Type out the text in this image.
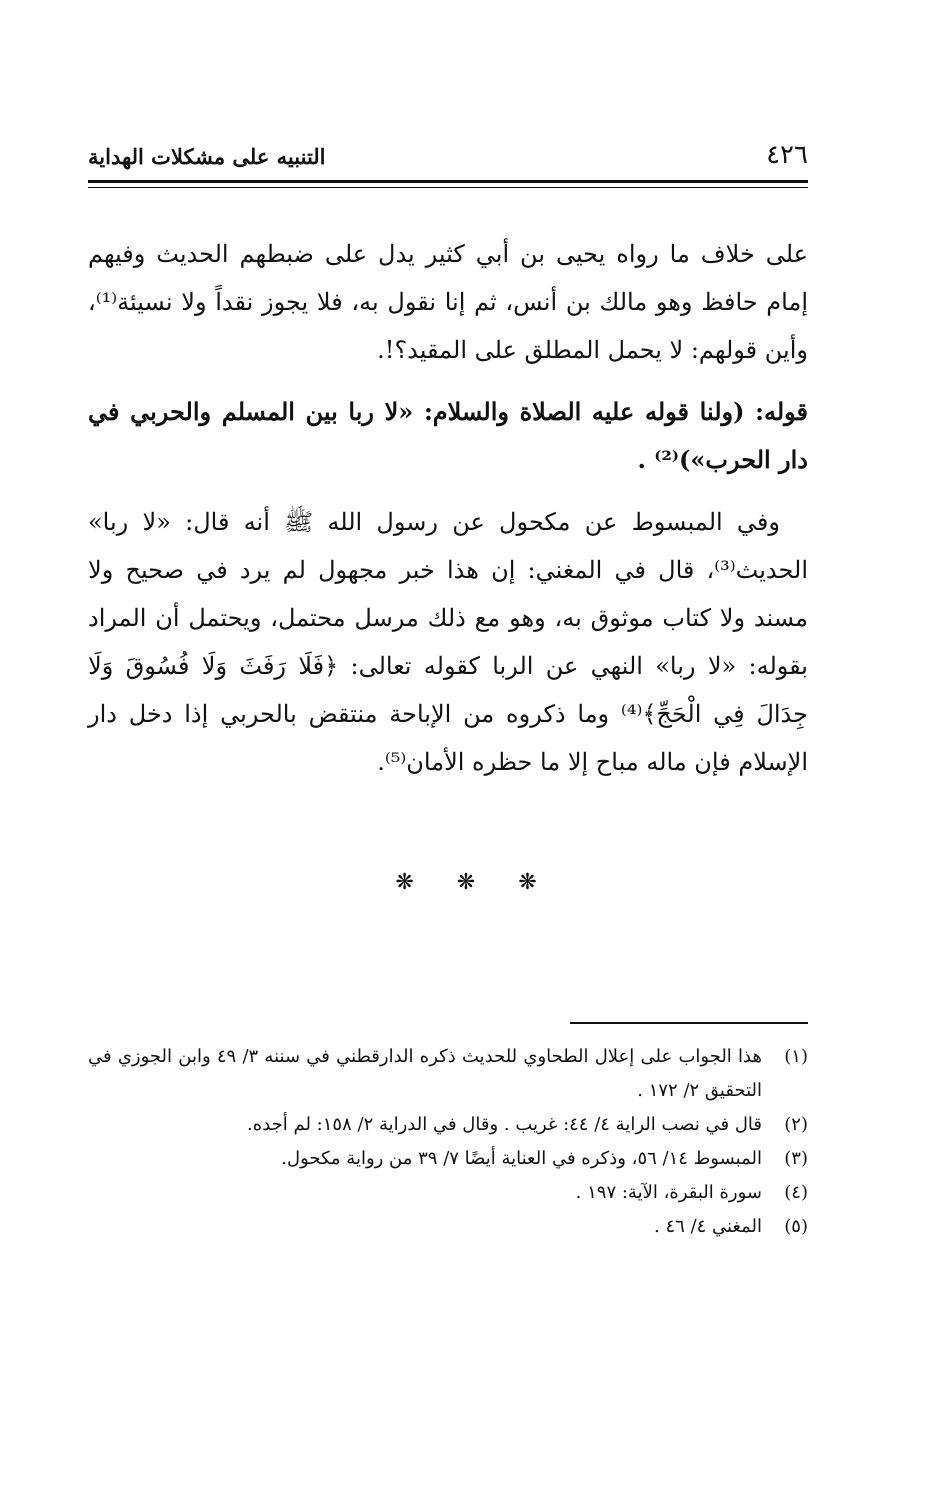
٤٢٦
التنبيه على مشكلات الهداية

على خلاف ما رواه يحيى بن أبي كثير يدل على ضبطهم الحديث وفيهم إمام حافظ وهو مالك بن أنس، ثم إنا نقول به، فلا يجوز نقداً ولا نسيئة⁽¹⁾، وأين قولهم: لا يحمل المطلق على المقيد؟!.

قوله: (ولنا قوله عليه الصلاة والسلام: «لا ربا بين المسلم والحربي في دار الحرب»)⁽²⁾ .

وفي المبسوط عن مكحول عن رسول الله ﷺ أنه قال: «لا ربا» الحديث⁽³⁾، قال في المغني: إن هذا خبر مجهول لم يرد في صحيح ولا مسند ولا كتاب موثوق به، وهو مع ذلك مرسل محتمل، ويحتمل أن المراد بقوله: «لا ربا» النهي عن الربا كقوله تعالى: ﴿فَلَا رَفَثَ وَلَا فُسُوقَ وَلَا جِدَالَ فِي الْحَجِّ﴾⁽⁴⁾ وما ذكروه من الإباحة منتقض بالحربي إذا دخل دار الإسلام فإن ماله مباح إلا ما حظره الأمان⁽⁵⁾.

❋ ❋ ❋

(١)
هذا الجواب على إعلال الطحاوي للحديث ذكره الدارقطني في سننه ٣/ ٤٩ وابن الجوزي في التحقيق ٢/ ١٧٢ .

(٢)
قال في نصب الراية ٤/ ٤٤: غريب . وقال في الدراية ٢/ ١٥٨: لم أجده.

(٣)
المبسوط ١٤/ ٥٦، وذكره في العناية أيضًا ٧/ ٣٩ من رواية مكحول.

(٤)
سورة البقرة، الآية: ١٩٧ .

(٥)
المغني ٤/ ٤٦ .
